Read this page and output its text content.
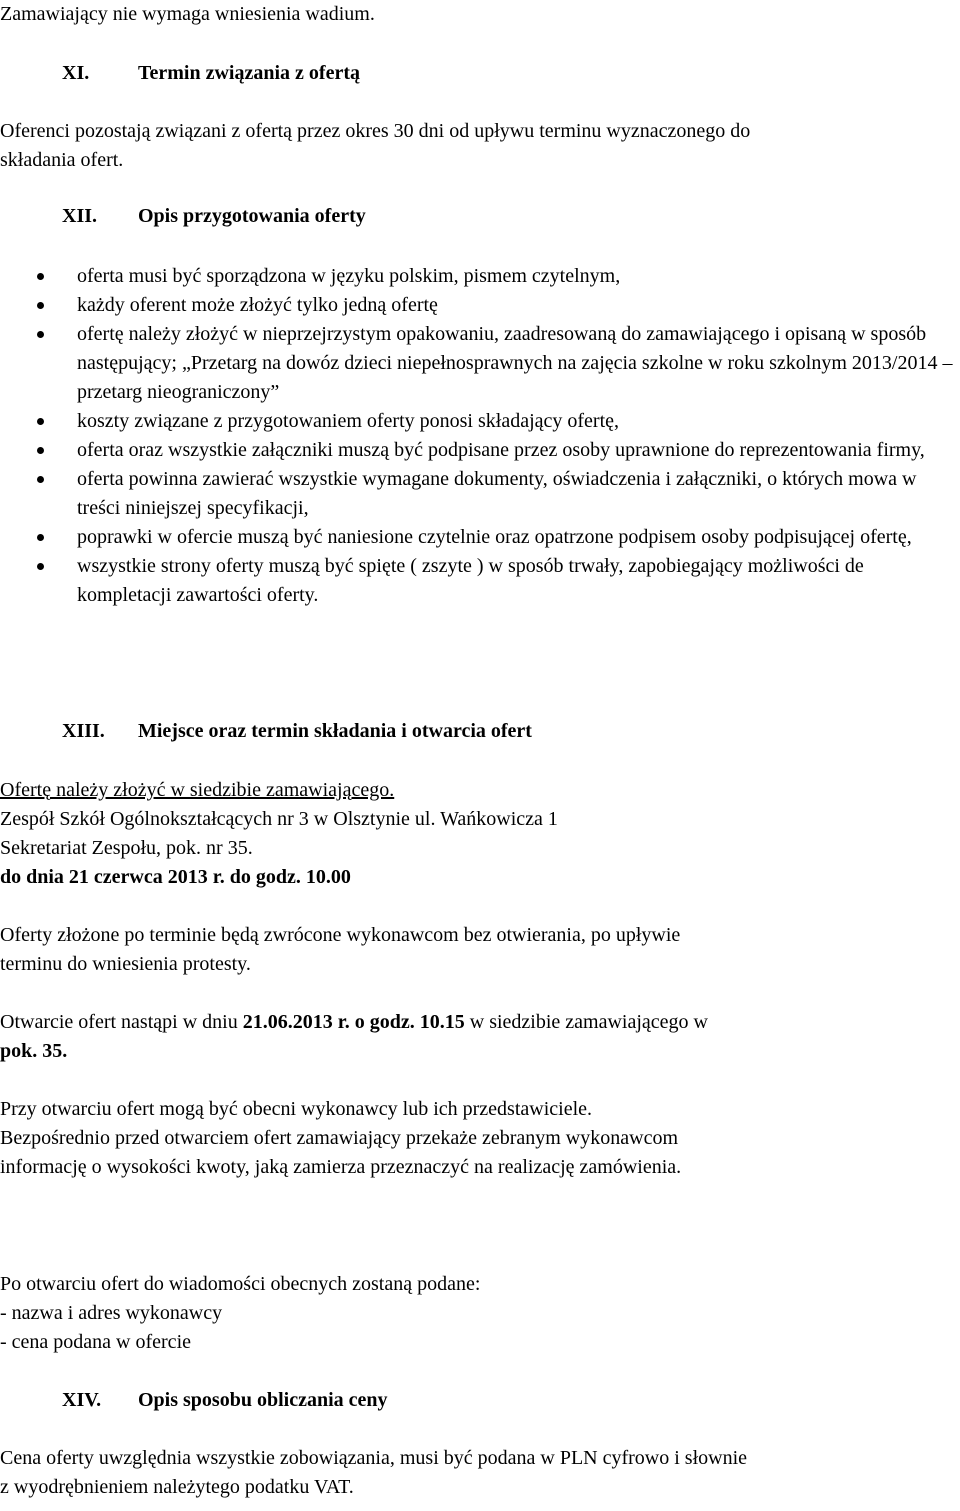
Zamawiający nie wymaga wniesienia wadium.
XI. Termin związania z ofertą
Oferenci pozostają związani z ofertą przez okres 30 dni od upływu terminu wyznaczonego do
składania ofert.
XII. Opis przygotowania oferty
oferta musi być sporządzona w języku polskim, pismem czytelnym,
każdy oferent może złożyć tylko jedną ofertę
ofertę należy złożyć w nieprzejrzystym opakowaniu, zaadresowaną do zamawiającego i opisaną w sposób następujący; „Przetarg na dowóz dzieci niepełnosprawnych na zajęcia szkolne w roku szkolnym 2013/2014 – przetarg nieograniczony”
koszty związane z przygotowaniem oferty ponosi składający ofertę,
oferta oraz wszystkie załączniki muszą być podpisane przez osoby uprawnione do reprezentowania firmy,
oferta powinna zawierać wszystkie wymagane dokumenty, oświadczenia i załączniki, o których mowa w treści niniejszej specyfikacji,
poprawki w ofercie muszą być naniesione czytelnie oraz opatrzone podpisem osoby podpisującej ofertę,
wszystkie strony oferty muszą być spięte ( zszyte ) w sposób trwały, zapobiegający możliwości de kompletacji zawartości oferty.
XIII. Miejsce oraz termin składania i otwarcia ofert
Ofertę należy złożyć w siedzibie zamawiającego.
Zespół Szkół Ogólnokształcących nr 3 w Olsztynie ul. Wańkowicza 1
Sekretariat Zespołu, pok. nr 35.
do dnia 21 czerwca 2013 r. do godz. 10.00
Oferty złożone po terminie będą zwrócone wykonawcom bez otwierania, po upływie
terminu do wniesienia protesty.
Otwarcie ofert nastąpi w dniu 21.06.2013 r. o godz. 10.15 w siedzibie zamawiającego w
pok. 35.
Przy otwarciu ofert mogą być obecni wykonawcy lub ich przedstawiciele.
Bezpośrednio przed otwarciem ofert zamawiający przekaże zebranym wykonawcom
informację o wysokości kwoty, jaką zamierza przeznaczyć na realizację zamówienia.
Po otwarciu ofert do wiadomości obecnych zostaną podane:
- nazwa i adres wykonawcy
- cena podana w ofercie
XIV. Opis sposobu obliczania ceny
Cena oferty uwzględnia wszystkie zobowiązania, musi być podana w PLN cyfrowo i słownie
z wyodrębnieniem należytego podatku VAT.
